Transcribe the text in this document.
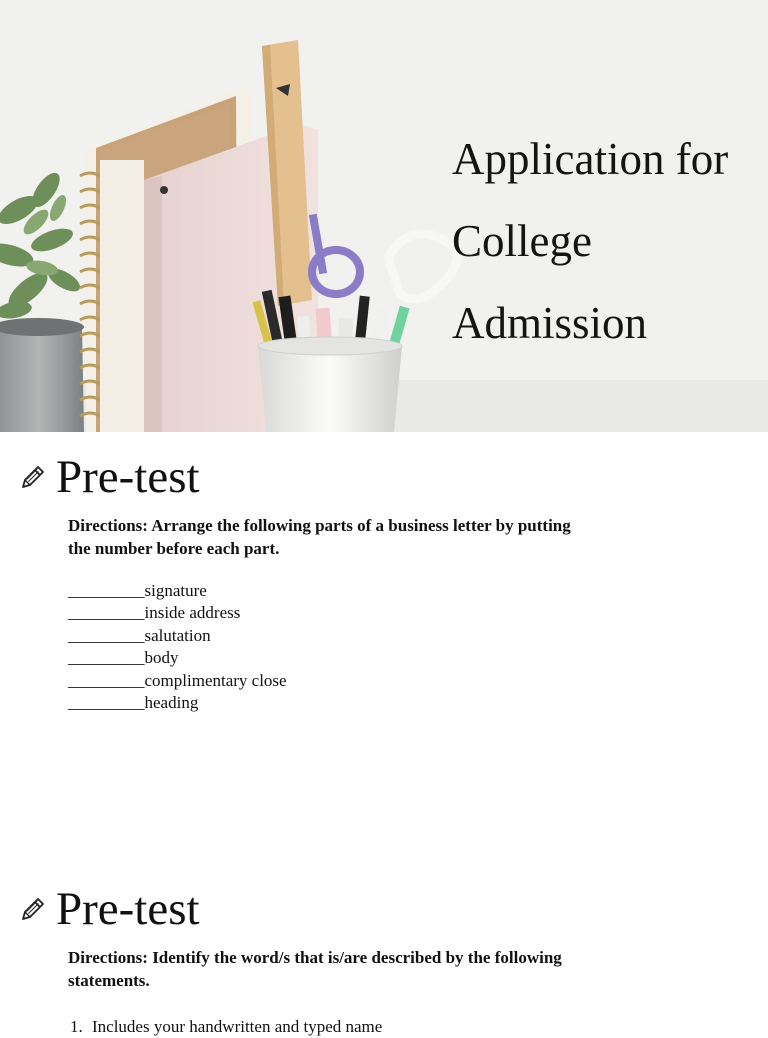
Application for
College
Admission
Pre-test

Directions: Arrange the following parts of a business letter by putting the number before each part.

_________signature
_________inside address
_________salutation
_________body
_________complimentary close
_________heading
Pre-test

Directions: Identify the word/s that is/are described by the following statements.

1. Includes your handwritten and typed name
